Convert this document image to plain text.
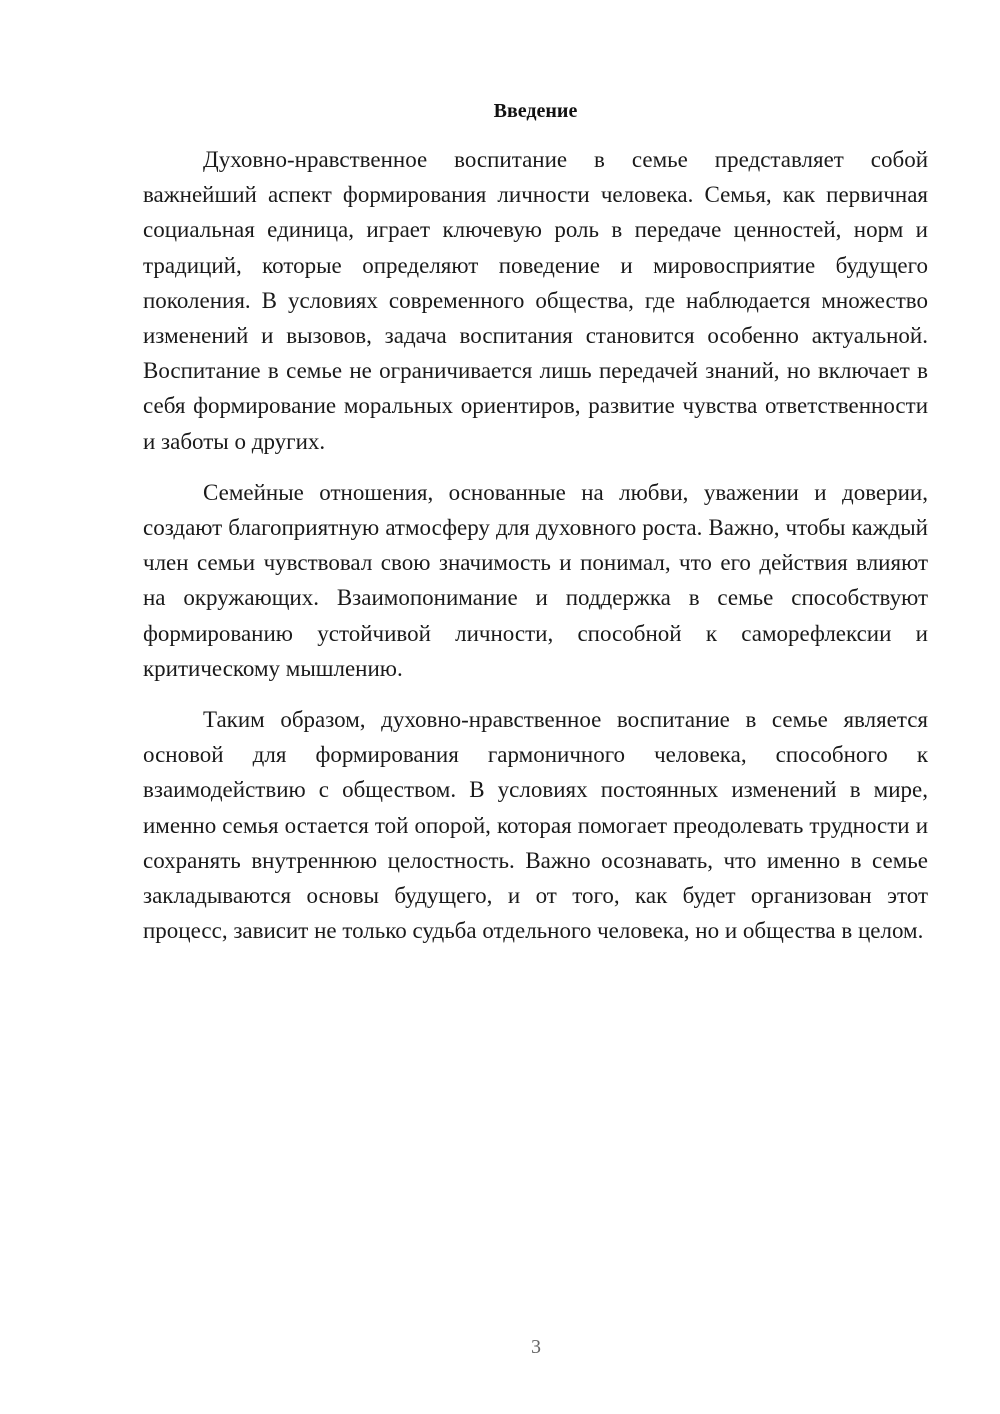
Введение

Духовно-нравственное воспитание в семье представляет собой важнейший аспект формирования личности человека. Семья, как первичная социальная единица, играет ключевую роль в передаче ценностей, норм и традиций, которые определяют поведение и мировосприятие будущего поколения. В условиях современного общества, где наблюдается множество изменений и вызовов, задача воспитания становится особенно актуальной. Воспитание в семье не ограничивается лишь передачей знаний, но включает в себя формирование моральных ориентиров, развитие чувства ответственности и заботы о других.

Семейные отношения, основанные на любви, уважении и доверии, создают благоприятную атмосферу для духовного роста. Важно, чтобы каждый член семьи чувствовал свою значимость и понимал, что его действия влияют на окружающих. Взаимопонимание и поддержка в семье способствуют формированию устойчивой личности, способной к саморефлексии и критическому мышлению.

Таким образом, духовно-нравственное воспитание в семье является основой для формирования гармоничного человека, способного к взаимодействию с обществом. В условиях постоянных изменений в мире, именно семья остается той опорой, которая помогает преодолевать трудности и сохранять внутреннюю целостность. Важно осознавать, что именно в семье закладываются основы будущего, и от того, как будет организован этот процесс, зависит не только судьба отдельного человека, но и общества в целом.

3
